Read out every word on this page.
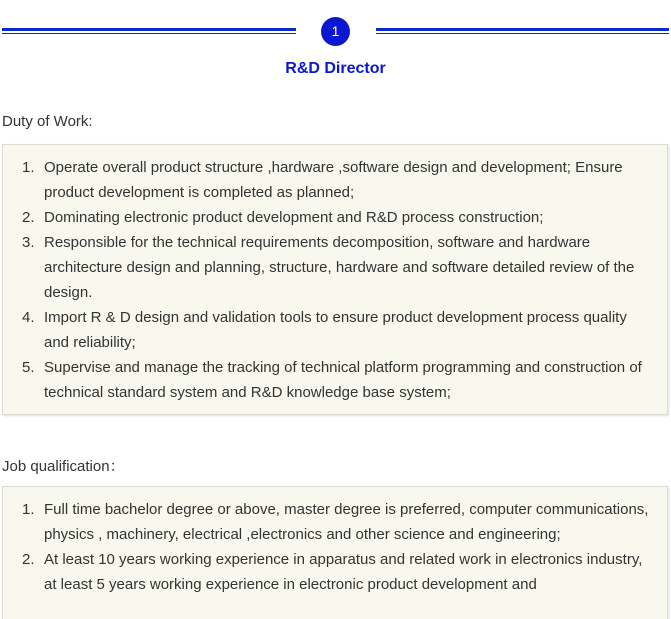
1
R&D Director
Duty of Work:
1. Operate overall product structure ,hardware ,software design and development; Ensure product development is completed as planned;
2. Dominating electronic product development and R&D process construction;
3. Responsible for the technical requirements decomposition, software and hardware architecture design and planning, structure, hardware and software detailed review of the design.
4. Import R & D design and validation tools to ensure product development process quality and reliability;
5. Supervise and manage the tracking of technical platform programming and construction of technical standard system and R&D knowledge base system;
Job qualification：
1. Full time bachelor degree or above, master degree is preferred, computer communications, physics , machinery, electrical ,electronics and other science and engineering;
2. At least 10 years working experience in apparatus and related work in electronics industry, at least 5 years working experience in electronic product development and
